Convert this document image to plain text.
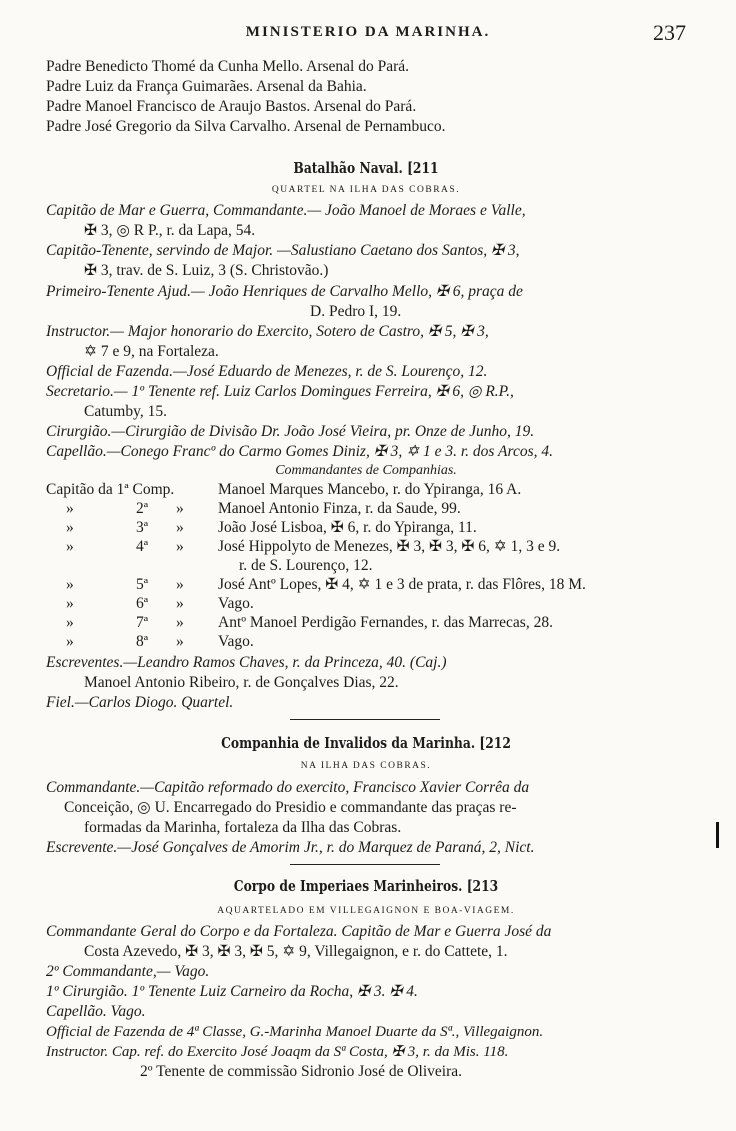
MINISTERIO DA MARINHA.	237
Padre Benedicto Thomé da Cunha Mello. Arsenal do Pará.
Padre Luiz da França Guimarães. Arsenal da Bahia.
Padre Manoel Francisco de Araujo Bastos. Arsenal do Pará.
Padre José Gregorio da Silva Carvalho. Arsenal de Pernambuco.
Batalhão Naval. [211
QUARTEL NA ILHA DAS COBRAS.
Capitão de Mar e Guerra, Commandante.— João Manoel de Moraes e Valle,
✠ 3, ◎ R P., r. da Lapa, 54.
Capitão-Tenente, servindo de Major. —Salustiano Caetano dos Santos, ✠ 3,
✠ 3, trav. de S. Luiz, 3 (S. Christovão.)
Primeiro-Tenente Ajud.— João Henriques de Carvalho Mello, ✠ 6, praça de
D. Pedro I, 19.
Instructor.— Major honorario do Exercito, Sotero de Castro, ✠ 5, ✠ 3,
✡ 7 e 9, na Fortaleza.
Official de Fazenda.—José Eduardo de Menezes, r. de S. Lourenço, 12.
Secretario.— 1º Tenente ref. Luiz Carlos Domingues Ferreira, ✠ 6, ◎ R.P.,
Catumby, 15.
Cirurgião.—Cirurgião de Divisão Dr. João José Vieira, pr. Onze de Junho, 19.
Capellão.—Conego Francº do Carmo Gomes Diniz, ✠ 3, ✡ 1 e 3. r. dos Arcos, 4.
Commandantes de Companhias.
Capitão da 1ª Comp.	Manoel Marques Mancebo, r. do Ypiranga, 16 A.
»	2ª » Manoel Antonio Finza, r. da Saude, 99.
»	3ª » João José Lisboa, ✠ 6, r. do Ypiranga, 11.
»	4ª » José Hippolyto de Menezes, ✠ 3, ✠ 3, ✠ 6, ✡ 1, 3 e 9.
r. de S. Lourenço, 12.
»	5ª » José Antº Lopes, ✠ 4, ✡ 1 e 3 de prata, r. das Flôres, 18 M.
»	6ª » Vago.
»	7ª » Antº Manoel Perdigão Fernandes, r. das Marrecas, 28.
»	8ª » Vago.
Escreventes.—Leandro Ramos Chaves, r. da Princeza, 40. (Caj.)
Manoel Antonio Ribeiro, r. de Gonçalves Dias, 22.
Fiel.—Carlos Diogo. Quartel.
Companhia de Invalidos da Marinha. [212
NA ILHA DAS COBRAS.
Commandante.—Capitão reformado do exercito, Francisco Xavier Corrêa da
Conceição, ◎ U. Encarregado do Presidio e commandante das praças re-
formadas da Marinha, fortaleza da Ilha das Cobras.
Escrevente.—José Gonçalves de Amorim Jr., r. do Marquez de Paraná, 2, Nict.
Corpo de Imperiaes Marinheiros. [213
AQUARTELADO EM VILLEGAIGNON E BOA-VIAGEM.
Commandante Geral do Corpo e da Fortaleza. Capitão de Mar e Guerra José da
Costa Azevedo, ✠ 3, ✠ 3, ✠ 5, ✡ 9, Villegaignon, e r. do Cattete, 1.
2º Commandante,— Vago.
1º Cirurgião. 1º Tenente Luiz Carneiro da Rocha, ✠ 3. ✠ 4.
Capellão. Vago.
Official de Fazenda de 4ª Classe, G.-Marinha Manoel Duarte da Sª., Villegaignon.
Instructor. Cap. ref. do Exercito José Joaqm da Sª Costa, ✠ 3, r. da Mis. 118.
2º Tenente de commissão Sidronio José de Oliveira.
